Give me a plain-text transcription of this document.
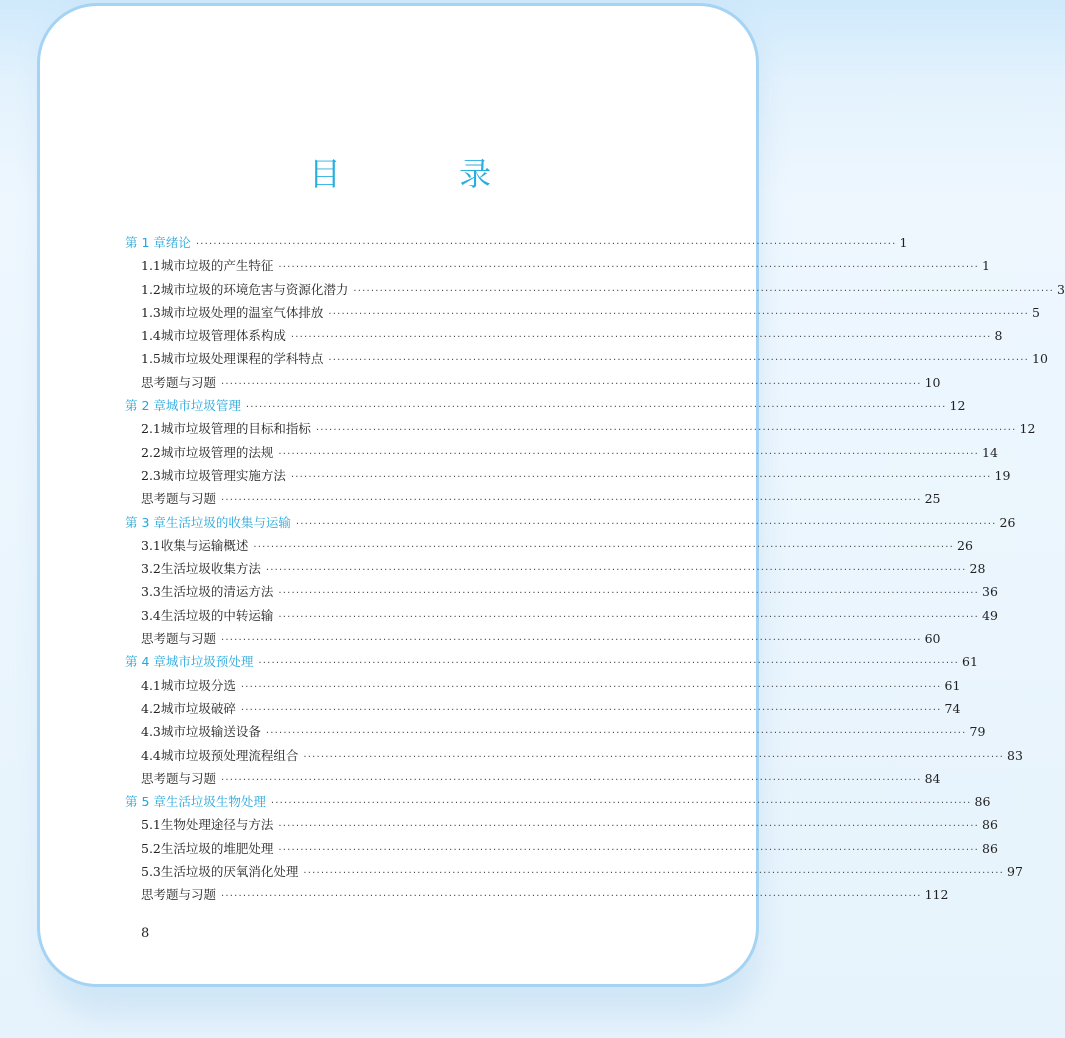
目 录
第 1 章 绪论 ································································································································································ 1
1.1 城市垃圾的产生特征 ································································································································································ 1
1.2 城市垃圾的环境危害与资源化潜力 ································································································································································ 3
1.3 城市垃圾处理的温室气体排放 ································································································································································ 5
1.4 城市垃圾管理体系构成 ································································································································································ 8
1.5 城市垃圾处理课程的学科特点 ································································································································································ 10
思考题与习题 ································································································································································ 10
第 2 章 城市垃圾管理 ································································································································································ 12
2.1 城市垃圾管理的目标和指标 ································································································································································ 12
2.2 城市垃圾管理的法规 ································································································································································ 14
2.3 城市垃圾管理实施方法 ································································································································································ 19
思考题与习题 ································································································································································ 25
第 3 章 生活垃圾的收集与运输 ································································································································································ 26
3.1 收集与运输概述 ································································································································································ 26
3.2 生活垃圾收集方法 ································································································································································ 28
3.3 生活垃圾的清运方法 ································································································································································ 36
3.4 生活垃圾的中转运输 ································································································································································ 49
思考题与习题 ································································································································································ 60
第 4 章 城市垃圾预处理 ································································································································································ 61
4.1 城市垃圾分选 ································································································································································ 61
4.2 城市垃圾破碎 ································································································································································ 74
4.3 城市垃圾输送设备 ································································································································································ 79
4.4 城市垃圾预处理流程组合 ································································································································································ 83
思考题与习题 ································································································································································ 84
第 5 章 生活垃圾生物处理 ································································································································································ 86
5.1 生物处理途径与方法 ································································································································································ 86
5.2 生活垃圾的堆肥处理 ································································································································································ 86
5.3 生活垃圾的厌氧消化处理 ································································································································································ 97
思考题与习题 ································································································································································ 112
8
